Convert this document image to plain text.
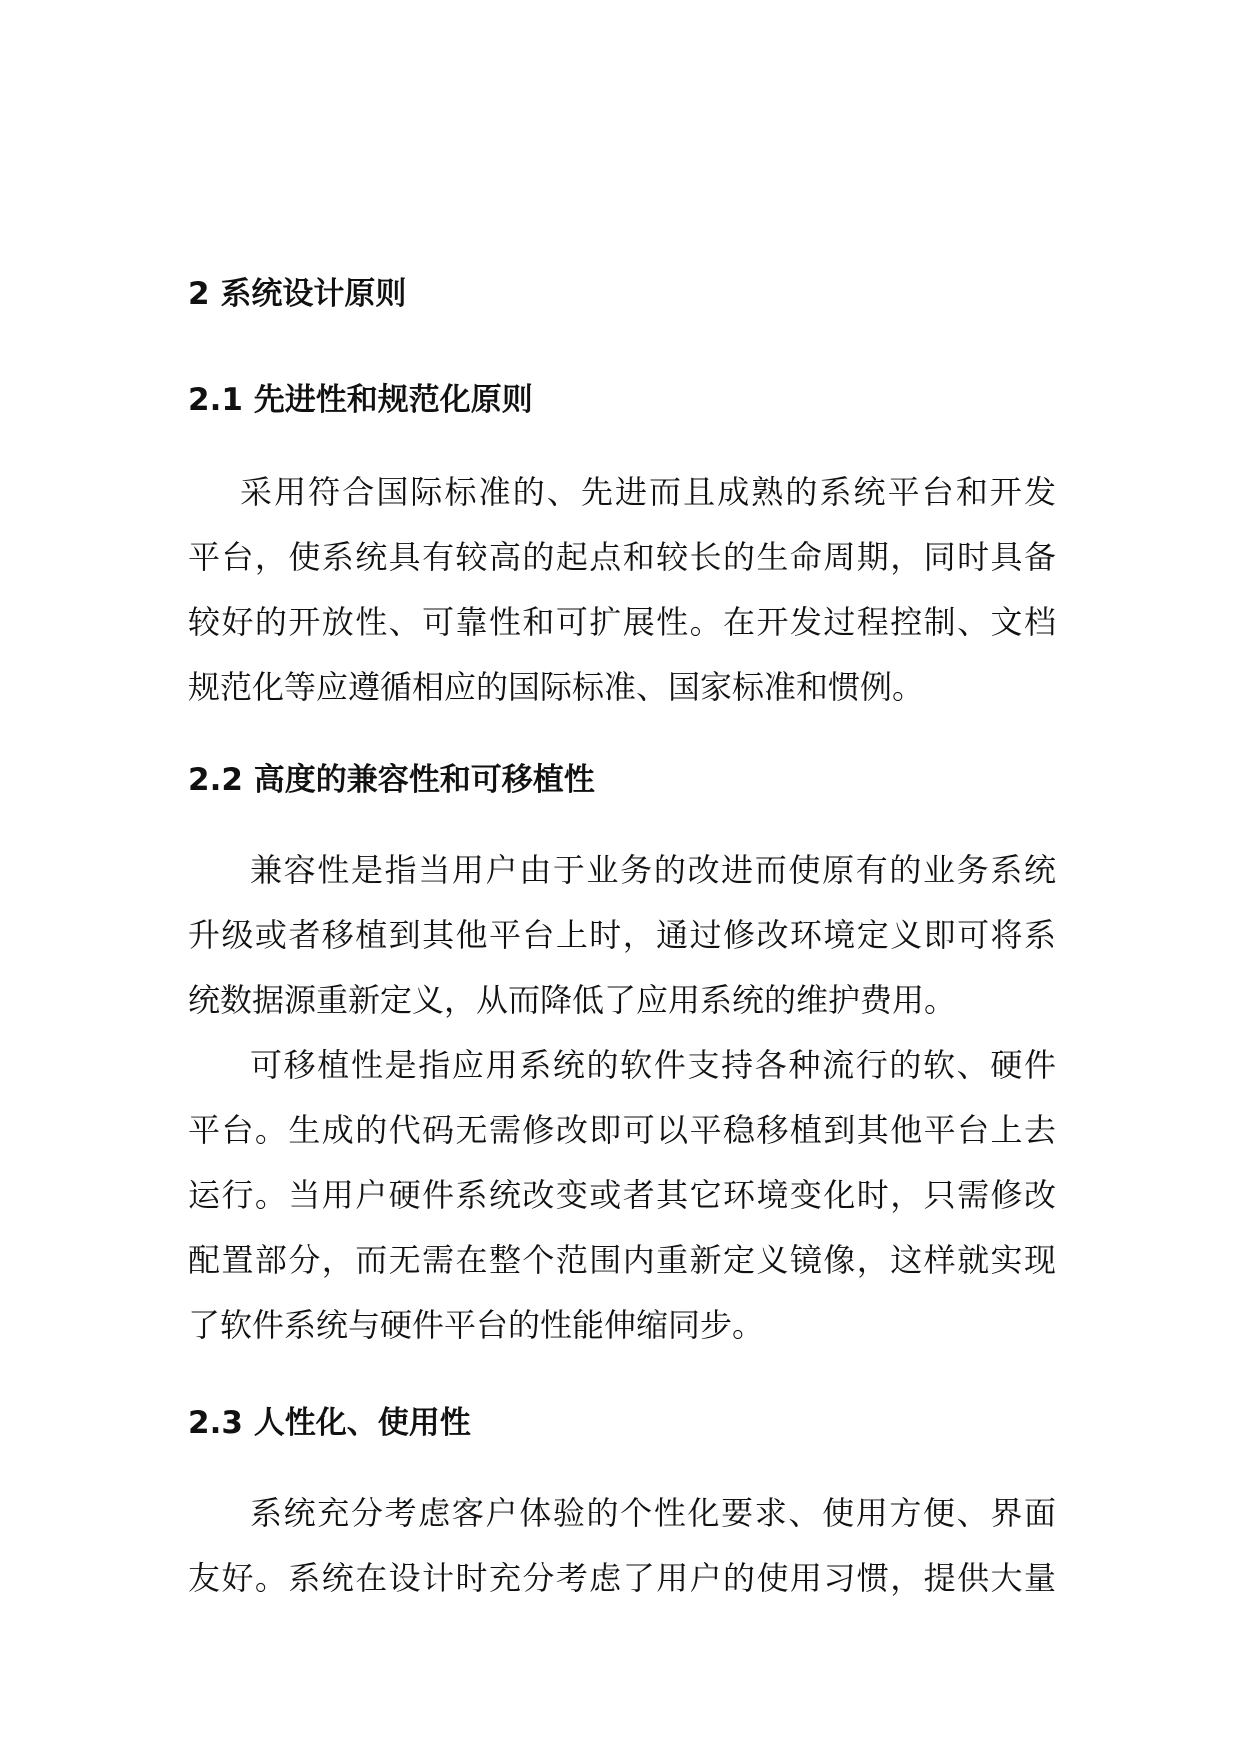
2 系统设计原则
2.1 先进性和规范化原则
采用符合国际标准的、先进而且成熟的系统平台和开发
平台，使系统具有较高的起点和较长的生命周期，同时具备
较好的开放性、可靠性和可扩展性。在开发过程控制、文档
规范化等应遵循相应的国际标准、国家标准和惯例。
2.2 高度的兼容性和可移植性
兼容性是指当用户由于业务的改进而使原有的业务系统
升级或者移植到其他平台上时，通过修改环境定义即可将系
统数据源重新定义，从而降低了应用系统的维护费用。
可移植性是指应用系统的软件支持各种流行的软、硬件
平台。生成的代码无需修改即可以平稳移植到其他平台上去
运行。当用户硬件系统改变或者其它环境变化时，只需修改
配置部分，而无需在整个范围内重新定义镜像，这样就实现
了软件系统与硬件平台的性能伸缩同步。
2.3 人性化、使用性
系统充分考虑客户体验的个性化要求、使用方便、界面
友好。系统在设计时充分考虑了用户的使用习惯，提供大量
